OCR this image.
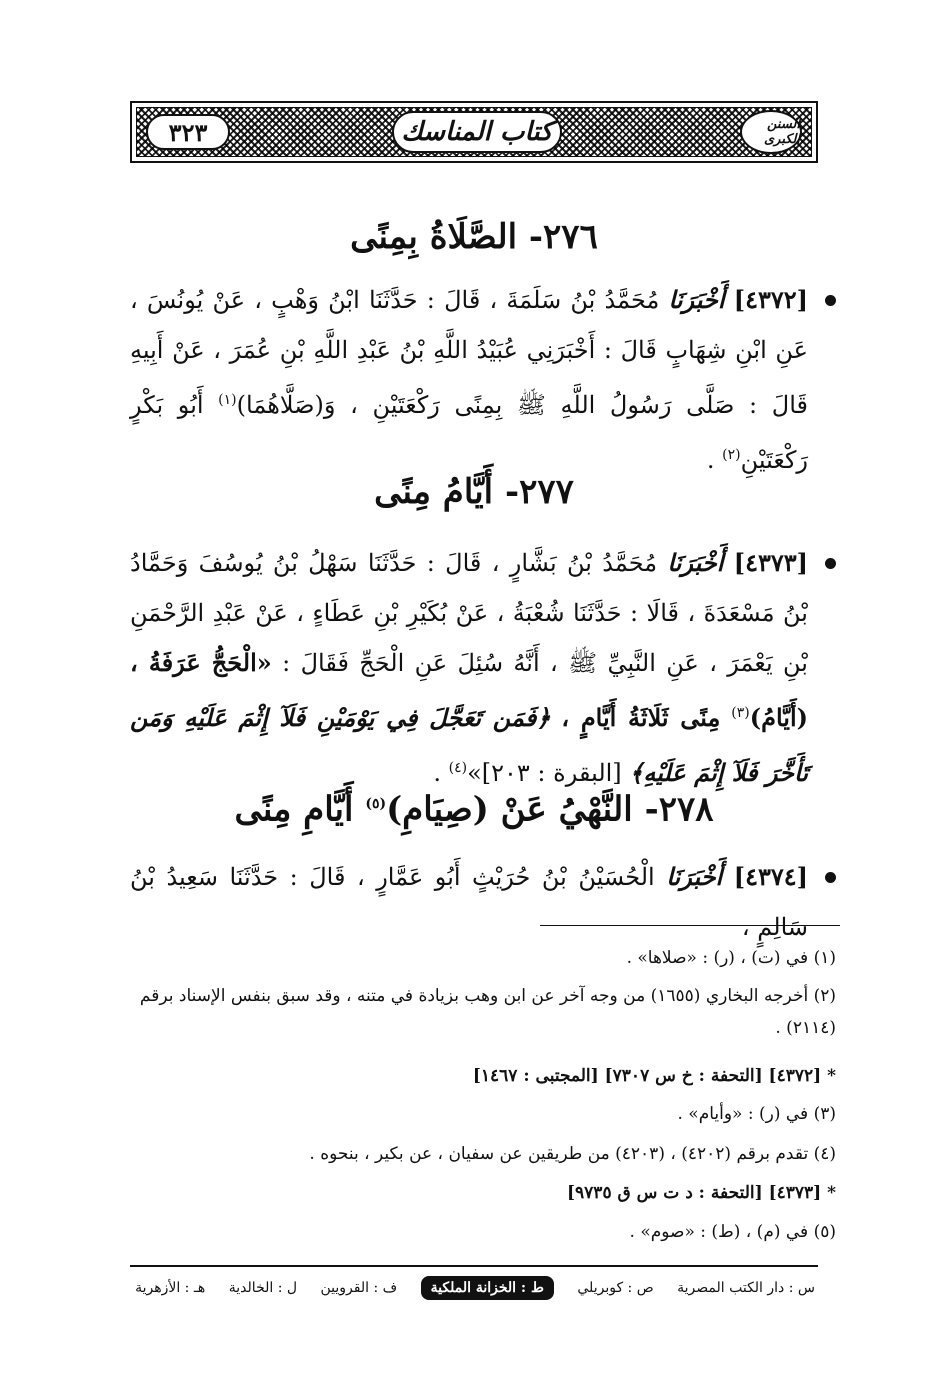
السنن الكبرى
كتاب المناسك
٣٢٣
٢٧٦- الصَّلَاةُ بِمِنًى
[٤٣٧٢] أَخْبَرَنَا مُحَمَّدُ بْنُ سَلَمَةَ ، قَالَ : حَدَّثَنَا ابْنُ وَهْبٍ ، عَنْ يُونُسَ ، عَنِ ابْنِ شِهَابٍ قَالَ : أَخْبَرَنِي عُبَيْدُ اللَّهِ بْنُ عَبْدِ اللَّهِ بْنِ عُمَرَ ، عَنْ أَبِيهِ قَالَ : صَلَّى رَسُولُ اللَّهِ ﷺ بِمِنًى رَكْعَتَيْنِ ، وَ(صَلَّاهُمَا)$^{(١)}$ أَبُو بَكْرٍ رَكْعَتَيْنِ$^{(٢)}$ .
٢٧٧- أَيَّامُ مِنًى
[٤٣٧٣] أَخْبَرَنَا مُحَمَّدُ بْنُ بَشَّارٍ ، قَالَ : حَدَّثَنَا سَهْلُ بْنُ يُوسُفَ وَحَمَّادُ بْنُ مَسْعَدَةَ ، قَالَا : حَدَّثَنَا شُعْبَةُ ، عَنْ بُكَيْرِ بْنِ عَطَاءٍ ، عَنْ عَبْدِ الرَّحْمَنِ بْنِ يَعْمَرَ ، عَنِ النَّبِيِّ ﷺ ، أَنَّهُ سُئِلَ عَنِ الْحَجِّ فَقَالَ : «الْحَجُّ عَرَفَةُ ، (أَيَّامُ)$^{(٣)}$ مِنًى ثَلَاثَةُ أَيَّامٍ ، ﴿فَمَن تَعَجَّلَ فِي يَوْمَيْنِ فَلَآ إِثْمَ عَلَيْهِ وَمَن تَأَخَّرَ فَلَآ إِثْمَ عَلَيْهِ﴾ [البقرة : ٢٠٣]»$^{(٤)}$ .
٢٧٨- النَّهْيُ عَنْ (صِيَامِ)$^{(٥)}$ أَيَّامِ مِنًى
[٤٣٧٤] أَخْبَرَنَا الْحُسَيْنُ بْنُ حُرَيْثٍ أَبُو عَمَّارٍ ، قَالَ : حَدَّثَنَا سَعِيدُ بْنُ سَالِمٍ ،
(١) في (ت) ، (ر) : «صلاها» .
(٢) أخرجه البخاري (١٦٥٥) من وجه آخر عن ابن وهب بزيادة في متنه ، وقد سبق بنفس الإسناد برقم (٢١١٤) .
* [٤٣٧٢] [التحفة : خ س ٧٣٠٧] [المجتبى : ١٤٦٧]
(٣) في (ر) : «وأيام» .
(٤) تقدم برقم (٤٢٠٢) ، (٤٢٠٣) من طريقين عن سفيان ، عن بكير ، بنحوه .
* [٤٣٧٣] [التحفة : د ت س ق ٩٧٣٥]
(٥) في (م) ، (ط) : «صوم» .
س : دار الكتب المصرية
ص : كوبريلي
ط : الخزانة الملكية
ف : القرويين
ل : الخالدية
هـ : الأزهرية
